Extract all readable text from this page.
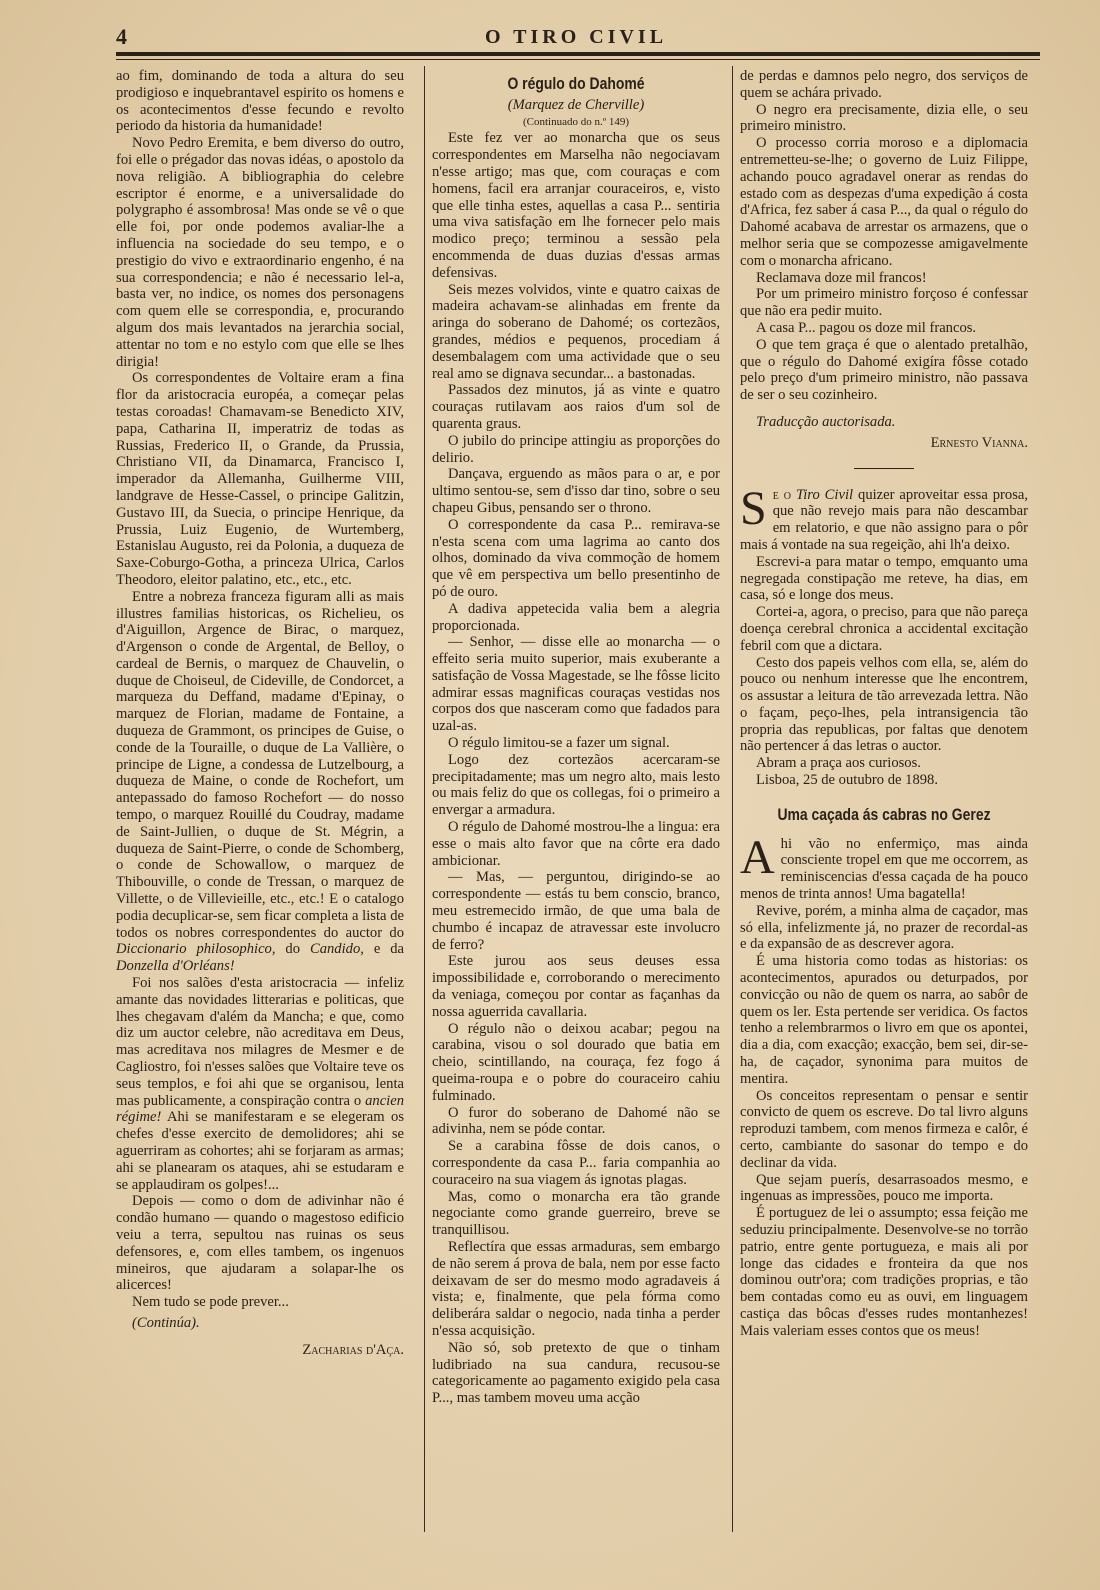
4	O TIRO CIVIL

ao fim, dominando de toda a altura do seu prodigioso e inquebrantavel espirito os homens e os acontecimentos d'esse fecundo e revolto periodo da historia da humanidade!

Novo Pedro Eremita, e bem diverso do outro, foi elle o prégador das novas idéas, o apostolo da nova religião. A bibliographia do celebre escriptor é enorme, e a universalidade do polygrapho é assombrosa! Mas onde se vê o que elle foi, por onde podemos avaliar-lhe a influencia na sociedade do seu tempo, e o prestigio do vivo e extraordinario engenho, é na sua correspondencia; e não é necessario lel-a, basta ver, no indice, os nomes dos personagens com quem elle se correspondia, e, procurando algum dos mais levantados na jerarchia social, attentar no tom e no estylo com que elle se lhes dirigia!

Os correspondentes de Voltaire eram a fina flor da aristocracia européa, a começar pelas testas coroadas! Chamavam-se Benedicto XIV, papa, Catharina II, imperatriz de todas as Russias, Frederico II, o Grande, da Prussia, Christiano VII, da Dinamarca, Francisco I, imperador da Allemanha, Guilherme VIII, landgrave de Hesse-Cassel, o principe Galitzin, Gustavo III, da Suecia, o principe Henrique, da Prussia, Luiz Eugenio, de Wurtemberg, Estanislau Augusto, rei da Polonia, a duqueza de Saxe-Coburgo-Gotha, a princeza Ulrica, Carlos Theodoro, eleitor palatino, etc., etc., etc.

Entre a nobreza franceza figuram alli as mais illustres familias historicas, os Richelieu, os d'Aiguillon, Argence de Birac, o marquez, d'Argenson o conde de Argental, de Belloy, o cardeal de Bernis, o marquez de Chauvelin, o duque de Choiseul, de Cideville, de Condorcet, a marqueza du Deffand, madame d'Epinay, o marquez de Florian, madame de Fontaine, a duqueza de Grammont, os principes de Guise, o conde de la Touraille, o duque de La Vallière, o principe de Ligne, a condessa de Lutzelbourg, a duqueza de Maine, o conde de Rochefort, um antepassado do famoso Rochefort — do nosso tempo, o marquez Rouillé du Coudray, madame de Saint-Jullien, o duque de St. Mégrin, a duqueza de Saint-Pierre, o conde de Schomberg, o conde de Schowallow, o marquez de Thibouville, o conde de Tressan, o marquez de Villette, o de Villevieille, etc., etc.! E o catalogo podia decuplicar-se, sem ficar completa a lista de todos os nobres correspondentes do auctor do Diccionario philosophico, do Candido, e da Donzella d'Orléans!

Foi nos salões d'esta aristocracia — infeliz amante das novidades litterarias e politicas, que lhes chegavam d'além da Mancha; e que, como diz um auctor celebre, não acreditava em Deus, mas acreditava nos milagres de Mesmer e de Cagliostro, foi n'esses salões que Voltaire teve os seus templos, e foi ahi que se organisou, lenta mas publicamente, a conspiração contra o ancien régime! Ahi se manifestaram e se elegeram os chefes d'esse exercito de demolidores; ahi se aguerriram as cohortes; ahi se forjaram as armas; ahi se planearam os ataques, ahi se estudaram e se applaudiram os golpes!...

Depois — como o dom de adivinhar não é condão humano — quando o magestoso edificio veiu a terra, sepultou nas ruinas os seus defensores, e, com elles tambem, os ingenuos mineiros, que ajudaram a solapar-lhe os alicerces!

Nem tudo se pode prever...

(Continúa).

Zacharias d'Aça.

O régulo do Dahomé

(Marquez de Cherville)

(Continuado do n.º 149)

Este fez ver ao monarcha que os seus correspondentes em Marselha não negociavam n'esse artigo; mas que, com couraças e com homens, facil era arranjar couraceiros, e, visto que elle tinha estes, aquellas a casa P... sentiria uma viva satisfação em lhe fornecer pelo mais modico preço; terminou a sessão pela encommenda de duas duzias d'essas armas defensivas.

Seis mezes volvidos, vinte e quatro caixas de madeira achavam-se alinhadas em frente da aringa do soberano de Dahomé; os cortezãos, grandes, médios e pequenos, procediam á desembalagem com uma actividade que o seu real amo se dignava secundar... a bastonadas.

Passados dez minutos, já as vinte e quatro couraças rutilavam aos raios d'um sol de quarenta graus.

O jubilo do principe attingiu as proporções do delirio.

Dançava, erguendo as mãos para o ar, e por ultimo sentou-se, sem d'isso dar tino, sobre o seu chapeu Gibus, pensando ser o throno.

O correspondente da casa P... remirava-se n'esta scena com uma lagrima ao canto dos olhos, dominado da viva commoção de homem que vê em perspectiva um bello presentinho de pó de ouro.

A dadiva appetecida valia bem a alegria proporcionada.

— Senhor, — disse elle ao monarcha — o effeito seria muito superior, mais exuberante a satisfação de Vossa Magestade, se lhe fôsse licito admirar essas magnificas couraças vestidas nos corpos dos que nasceram como que fadados para uzal-as.

O régulo limitou-se a fazer um signal.

Logo dez cortezãos acercaram-se precipitadamente; mas um negro alto, mais lesto ou mais feliz do que os collegas, foi o primeiro a envergar a armadura.

O régulo de Dahomé mostrou-lhe a lingua: era esse o mais alto favor que na côrte era dado ambicionar.

— Mas, — perguntou, dirigindo-se ao correspondente — estás tu bem conscio, branco, meu estremecido irmão, de que uma bala de chumbo é incapaz de atravessar este involucro de ferro?

Este jurou aos seus deuses essa impossibilidade e, corroborando o merecimento da veniaga, começou por contar as façanhas da nossa aguerrida cavallaria.

O régulo não o deixou acabar; pegou na carabina, visou o sol dourado que batia em cheio, scintillando, na couraça, fez fogo á queima-roupa e o pobre do couraceiro cahiu fulminado.

O furor do soberano de Dahomé não se adivinha, nem se póde contar.

Se a carabina fôsse de dois canos, o correspondente da casa P... faria companhia ao couraceiro na sua viagem ás ignotas plagas.

Mas, como o monarcha era tão grande negociante como grande guerreiro, breve se tranquillisou.

Reflectíra que essas armaduras, sem embargo de não serem á prova de bala, nem por esse facto deixavam de ser do mesmo modo agradaveis á vista; e, finalmente, que pela fórma como deliberára saldar o negocio, nada tinha a perder n'essa acquisição.

Não só, sob pretexto de que o tinham ludibriado na sua candura, recusou-se categoricamente ao pagamento exigido pela casa P..., mas tambem moveu uma acção

de perdas e damnos pelo negro, dos serviços de quem se achára privado.

O negro era precisamente, dizia elle, o seu primeiro ministro.

O processo corria moroso e a diplomacia entremetteu-se-lhe; o governo de Luiz Filippe, achando pouco agradavel onerar as rendas do estado com as despezas d'uma expedição á costa d'Africa, fez saber á casa P..., da qual o régulo do Dahomé acabava de arrestar os armazens, que o melhor seria que se compozesse amigavelmente com o monarcha africano.

Reclamava doze mil francos!

Por um primeiro ministro forçoso é confessar que não era pedir muito.

A casa P... pagou os doze mil francos.

O que tem graça é que o alentado pretalhão, que o régulo do Dahomé exigíra fôsse cotado pelo preço d'um primeiro ministro, não passava de ser o seu cozinheiro.

Traducção auctorisada.

Ernesto Vianna.

Se o Tiro Civil quizer aproveitar essa prosa, que não revejo mais para não descambar em relatorio, e que não assigno para o pôr mais á vontade na sua regeição, ahi lh'a deixo.

Escrevi-a para matar o tempo, emquanto uma negregada constipação me reteve, ha dias, em casa, só e longe dos meus.

Cortei-a, agora, o preciso, para que não pareça doença cerebral chronica a accidental excitação febril com que a dictara.

Cesto dos papeis velhos com ella, se, além do pouco ou nenhum interesse que lhe encontrem, os assustar a leitura de tão arrevezada lettra. Não o façam, peço-lhes, pela intransigencia tão propria das republicas, por faltas que denotem não pertencer á das letras o auctor.

Abram a praça aos curiosos.

Lisboa, 25 de outubro de 1898.

Uma caçada ás cabras no Gerez

Ahi vão no enfermiço, mas ainda consciente tropel em que me occorrem, as reminiscencias d'essa caçada de ha pouco menos de trinta annos! Uma bagatella!

Revive, porém, a minha alma de caçador, mas só ella, infelizmente já, no prazer de recordal-as e da expansão de as descrever agora.

É uma historia como todas as historias: os acontecimentos, apurados ou deturpados, por convicção ou não de quem os narra, ao sabôr de quem os ler. Esta pertende ser veridica. Os factos tenho a relembrarmos o livro em que os apontei, dia a dia, com exacção; exacção, bem sei, dir-se-ha, de caçador, synonima para muitos de mentira.

Os conceitos representam o pensar e sentir convicto de quem os escreve. Do tal livro alguns reproduzi tambem, com menos firmeza e calôr, é certo, cambiante do sasonar do tempo e do declinar da vida.

Que sejam puerís, desarrasoados mesmo, e ingenuas as impressões, pouco me importa.

É portuguez de lei o assumpto; essa feição me seduziu principalmente. Desenvolve-se no torrão patrio, entre gente portugueza, e mais ali por longe das cidades e fronteira da que nos dominou outr'ora; com tradições proprias, e tão bem contadas como eu as ouvi, em linguagem castiça das bôcas d'esses rudes montanhezes! Mais valeriam esses contos que os meus!
